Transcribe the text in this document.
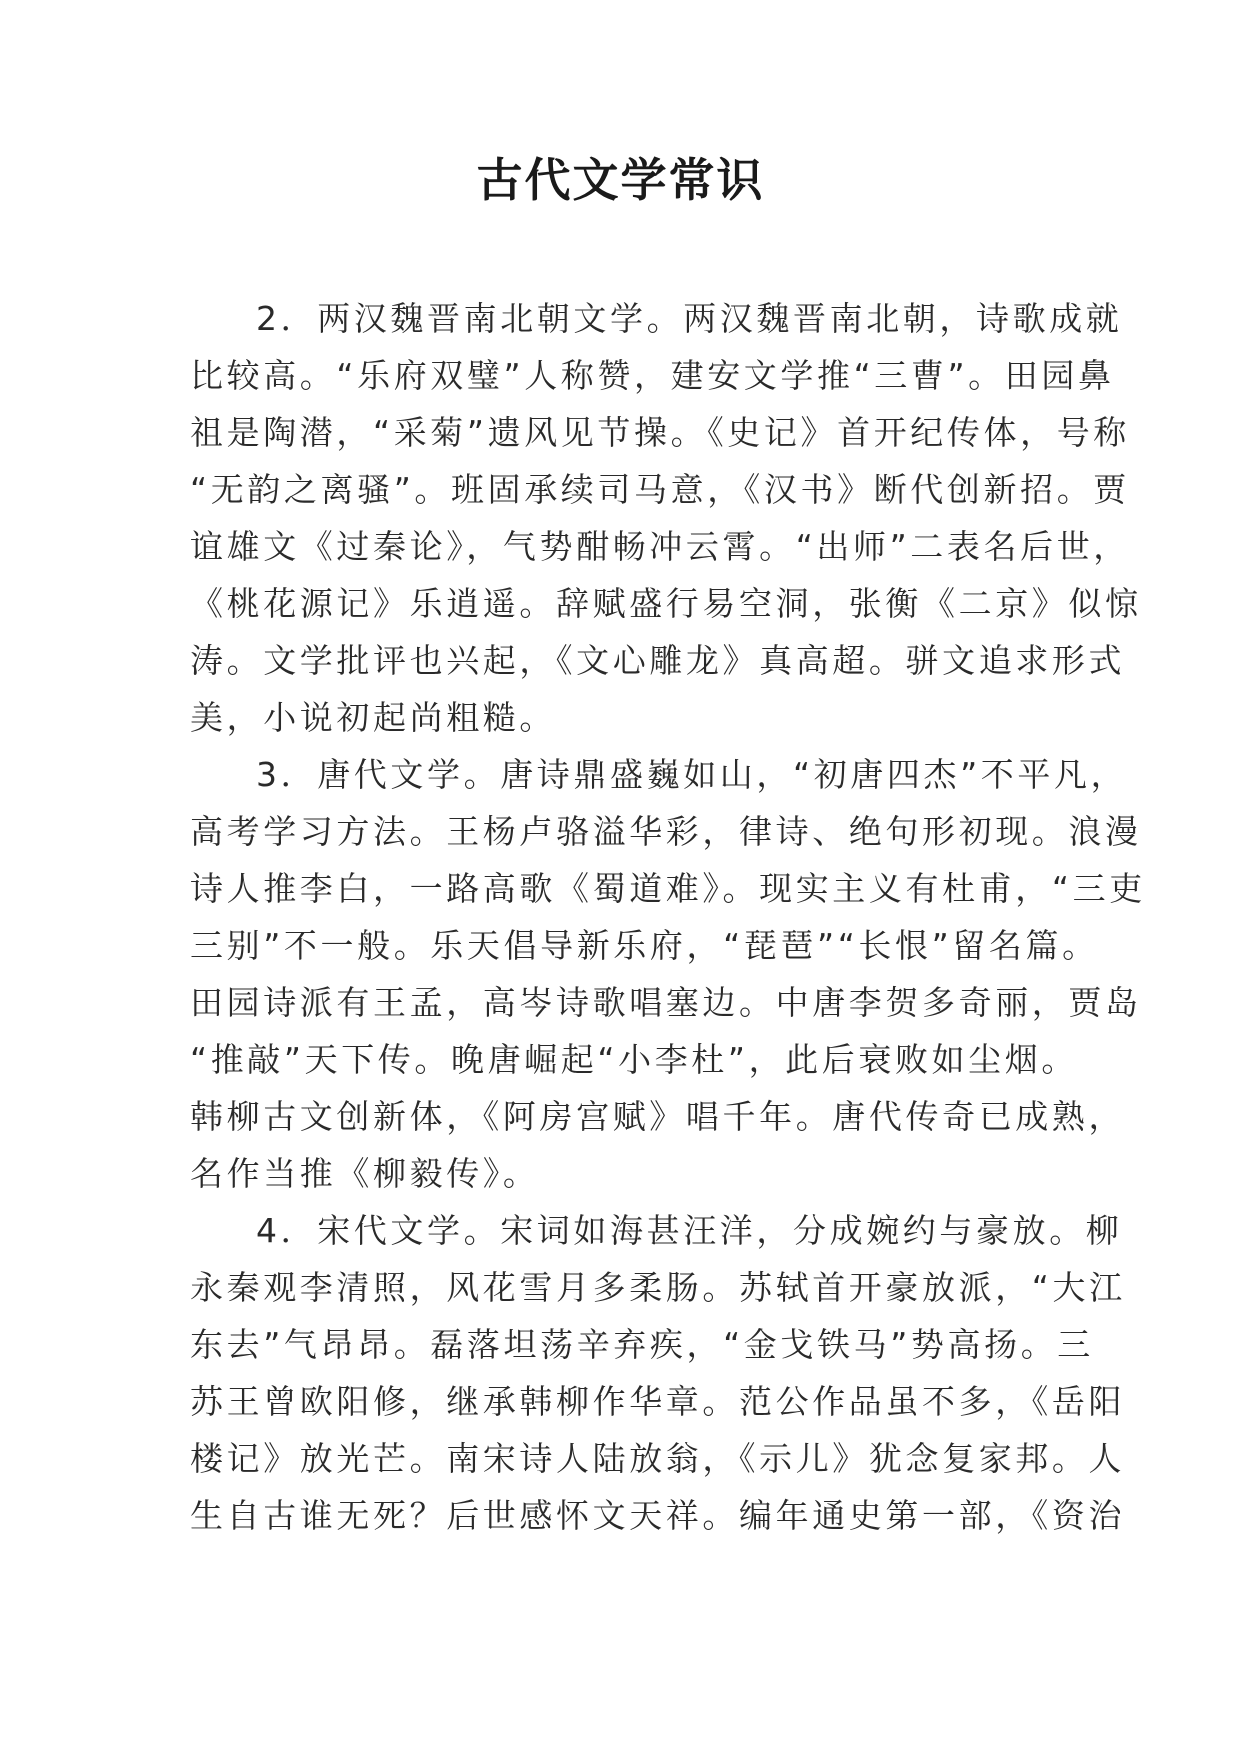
古代文学常识

2．两汉魏晋南北朝文学。两汉魏晋南北朝，诗歌成就

比较高。“乐府双璧”人称赞，建安文学推“三曹”。田园鼻

祖是陶潜，“采菊”遗风见节操。《史记》首开纪传体，号称

“无韵之离骚”。班固承续司马意，《汉书》断代创新招。贾

谊雄文《过秦论》，气势酣畅冲云霄。“出师”二表名后世，

《桃花源记》乐逍遥。辞赋盛行易空洞，张衡《二京》似惊

涛。文学批评也兴起，《文心雕龙》真高超。骈文追求形式

美，小说初起尚粗糙。

3．唐代文学。唐诗鼎盛巍如山，“初唐四杰”不平凡，

高考学习方法。王杨卢骆溢华彩，律诗、绝句形初现。浪漫

诗人推李白，一路高歌《蜀道难》。现实主义有杜甫，“三吏

三别”不一般。乐天倡导新乐府，“琵琶”“长恨”留名篇。

田园诗派有王孟，高岑诗歌唱塞边。中唐李贺多奇丽，贾岛

“推敲”天下传。晚唐崛起“小李杜”，此后衰败如尘烟。

韩柳古文创新体，《阿房宫赋》唱千年。唐代传奇已成熟，

名作当推《柳毅传》。

4．宋代文学。宋词如海甚汪洋，分成婉约与豪放。柳

永秦观李清照，风花雪月多柔肠。苏轼首开豪放派，“大江

东去”气昂昂。磊落坦荡辛弃疾，“金戈铁马”势高扬。三

苏王曾欧阳修，继承韩柳作华章。范公作品虽不多，《岳阳

楼记》放光芒。南宋诗人陆放翁，《示儿》犹念复家邦。人

生自古谁无死？后世感怀文天祥。编年通史第一部，《资治
